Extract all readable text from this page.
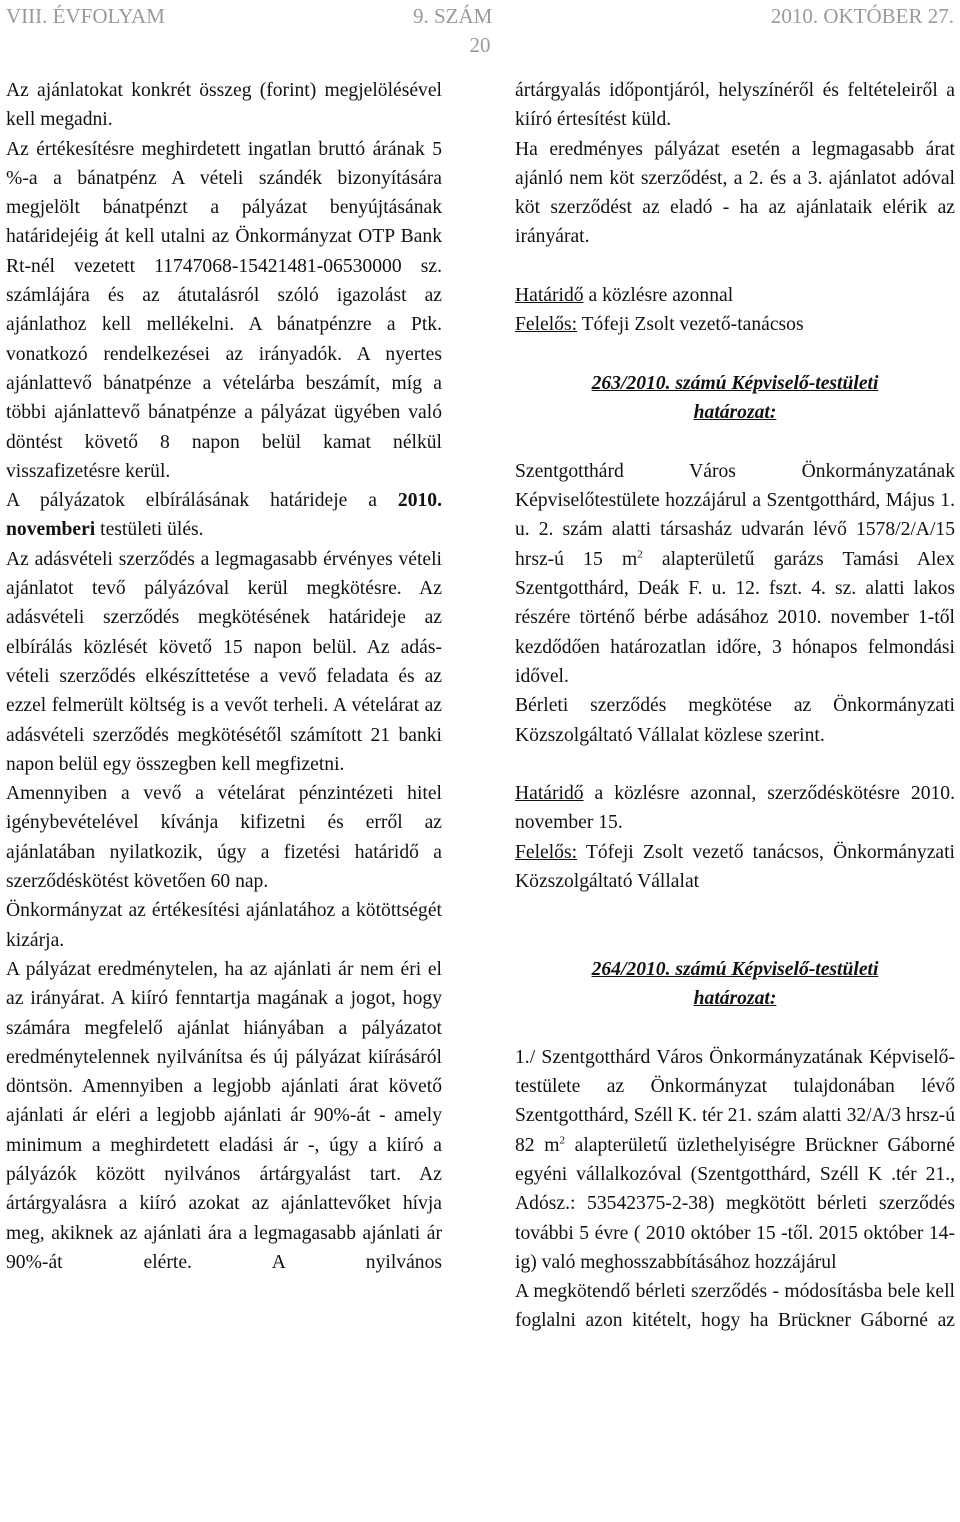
VIII. ÉVFOLYAM	9. SZÁM	2010. OKTÓBER 27.
20

Az ajánlatokat konkrét összeg (forint) megjelölésével kell megadni.

Az értékesítésre meghirdetett ingatlan bruttó árának 5 %-a a bánatpénz A vételi szándék bizonyítására megjelölt bánatpénzt a pályázat benyújtásának határidejéig át kell utalni az Önkormányzat OTP Bank Rt-nél vezetett 11747068-15421481-06530000 sz. számlájára és az átutalásról szóló igazolást az ajánlathoz kell mellékelni. A bánatpénzre a Ptk. vonatkozó rendelkezései az irányadók. A nyertes ajánlattevő bánatpénze a vételárba beszámít, míg a többi ajánlattevő bánatpénze a pályázat ügyében való döntést követő 8 napon belül kamat nélkül visszafizetésre kerül.

A pályázatok elbírálásának határideje a 2010. novemberi testületi ülés.

Az adásvételi szerződés a legmagasabb érvényes vételi ajánlatot tevő pályázóval kerül megkötésre. Az adásvételi szerződés megkötésének határideje az elbírálás közlését követő 15 napon belül. Az adás-vételi szerződés elkészíttetése a vevő feladata és az ezzel felmerült költség is a vevőt terheli. A vételárat az adásvételi szerződés megkötésétől számított 21 banki napon belül egy összegben kell megfizetni.

Amennyiben a vevő a vételárat pénzintézeti hitel igénybevételével kívánja kifizetni és erről az ajánlatában nyilatkozik, úgy a fizetési határidő a szerződéskötést követően 60 nap.

Önkormányzat az értékesítési ajánlatához a kötöttségét kizárja.

A pályázat eredménytelen, ha az ajánlati ár nem éri el az irányárat. A kiíró fenntartja magának a jogot, hogy számára megfelelő ajánlat hiányában a pályázatot eredménytelennek nyilvánítsa és új pályázat kiírásáról döntsön. Amennyiben a legjobb ajánlati árat követő ajánlati ár eléri a legjobb ajánlati ár 90%-át - amely minimum a meghirdetett eladási ár -, úgy a kiíró a pályázók között nyilvános ártárgyalást tart. Az ártárgyalásra a kiíró azokat az ajánlattevőket hívja meg, akiknek az ajánlati ára a legmagasabb ajánlati ár 90%-át elérte. A nyilvános

ártárgyalás időpontjáról, helyszínéről és feltételeiről a kiíró értesítést küld.

Ha eredményes pályázat esetén a legmagasabb árat ajánló nem köt szerződést, a 2. és a 3. ajánlatot adóval köt szerződést az eladó - ha az ajánlataik elérik az irányárat.

Határidő a közlésre azonnal

Felelős: Tófeji Zsolt vezető-tanácsos

263/2010. számú Képviselő-testületi

határozat:

Szentgotthárd Város Önkormányzatának Képviselőtestülete hozzájárul a Szentgotthárd, Május 1. u. 2. szám alatti társasház udvarán lévő 1578/2/A/15 hrsz-ú 15 $m^2$ alapterületű garázs Tamási Alex Szentgotthárd, Deák F. u. 12. fszt. 4. sz. alatti lakos részére történő bérbe adásához 2010. november 1-től kezdődően határozatlan időre, 3 hónapos felmondási idővel.

Bérleti szerződés megkötése az Önkormányzati Közszolgáltató Vállalat közlese szerint.

Határidő a közlésre azonnal, szerződéskötésre 2010. november 15.

Felelős: Tófeji Zsolt vezető tanácsos, Önkormányzati Közszolgáltató Vállalat

264/2010. számú Képviselő-testületi

határozat:

1./ Szentgotthárd Város Önkormányzatának Képviselő-testülete az Önkormányzat tulajdonában lévő Szentgotthárd, Széll K. tér 21. szám alatti 32/A/3 hrsz-ú 82 $m^2$ alapterületű üzlethelyiségre Brückner Gáborné egyéni vállalkozóval (Szentgotthárd, Széll K .tér 21., Adósz.: 53542375-2-38) megkötött bérleti szerződés további 5 évre ( 2010 október 15 -től. 2015 október 14-ig) való meghosszabbításához hozzájárul

A megkötendő bérleti szerződés - módosításba bele kell foglalni azon kitételt, hogy ha Brückner Gáborné az
